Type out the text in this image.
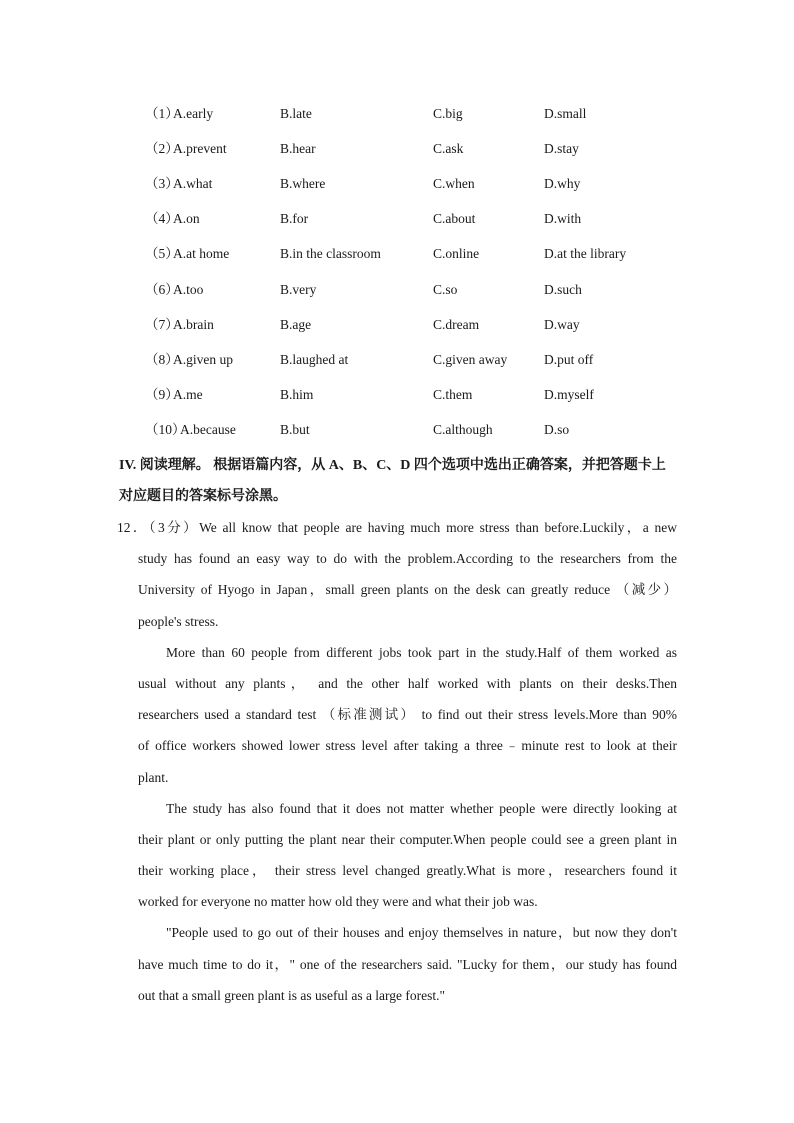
（1）
A.early	B.late	C.big	D.small
（2）
A.prevent	B.hear	C.ask	D.stay
（3）
A.what	B.where	C.when	D.why
（4）
A.on	B.for	C.about	D.with
（5）
A.at home	B.in the classroom	C.online	D.at the library
（6）
A.too	B.very	C.so	D.such
（7）
A.brain	B.age	C.dream	D.way
（8）
A.given up	B.laughed at	C.given away	D.put off
（9）
A.me	B.him	C.them	D.myself
（10）
A.because	B.but	C.although	D.so
IV. 阅读理解。 根据语篇内容，从 A、B、C、D 四个选项中选出正确答案，并把答题卡上
对应题目的答案标号涂黑。
12．（3分）We all know that people are having much more stress than before.Luckily，a new
study has found an easy way to do with the problem.According to the researchers from the
University of Hyogo in Japan，small green plants on the desk can greatly reduce （减少）
people's stress.
More than 60 people from different jobs took part in the study.Half of them worked as
usual without any plants， and the other half worked with plants on their desks.Then
researchers used a standard test （标准测试） to find out their stress levels.More than 90%
of office workers showed lower stress level after taking a three﹣minute rest to look at their
plant.
The study has also found that it does not matter whether people were directly looking at
their plant or only putting the plant near their computer.When people could see a green plant in
their working place， their stress level changed greatly.What is more，researchers found it
worked for everyone no matter how old they were and what their job was.
"People used to go out of their houses and enjoy themselves in nature，but now they don't
have much time to do it，" one of the researchers said. "Lucky for them，our study has found
out that a small green plant is as useful as a large forest."
